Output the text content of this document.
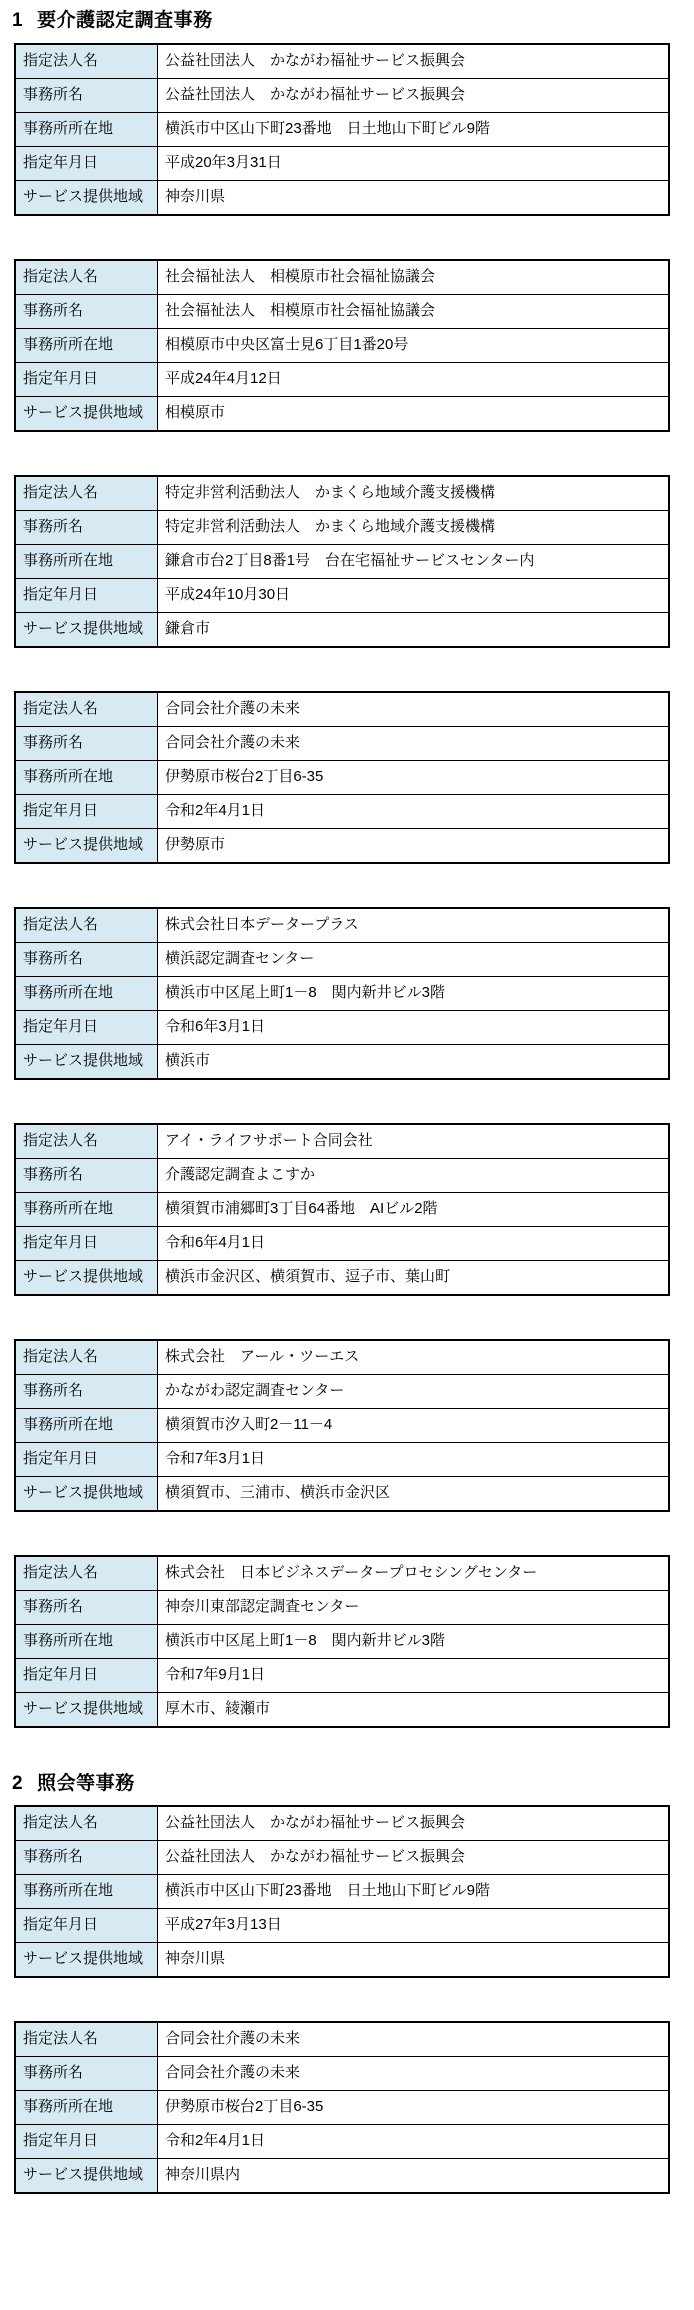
1 要介護認定調査事務
指定法人名	公益社団法人　かながわ福祉サービス振興会
事務所名	公益社団法人　かながわ福祉サービス振興会
事務所所在地	横浜市中区山下町23番地　日土地山下町ビル9階
指定年月日	平成20年3月31日
サービス提供地域	神奈川県
指定法人名	社会福祉法人　相模原市社会福祉協議会
事務所名	社会福祉法人　相模原市社会福祉協議会
事務所所在地	相模原市中央区富士見6丁目1番20号
指定年月日	平成24年4月12日
サービス提供地域	相模原市
指定法人名	特定非営利活動法人　かまくら地域介護支援機構
事務所名	特定非営利活動法人　かまくら地域介護支援機構
事務所所在地	鎌倉市台2丁目8番1号　台在宅福祉サービスセンター内
指定年月日	平成24年10月30日
サービス提供地域	鎌倉市
指定法人名	合同会社介護の未来
事務所名	合同会社介護の未来
事務所所在地	伊勢原市桜台2丁目6-35
指定年月日	令和2年4月1日
サービス提供地域	伊勢原市
指定法人名	株式会社日本データープラス
事務所名	横浜認定調査センター
事務所所在地	横浜市中区尾上町1－8　関内新井ビル3階
指定年月日	令和6年3月1日
サービス提供地域	横浜市
指定法人名	アイ・ライフサポート合同会社
事務所名	介護認定調査よこすか
事務所所在地	横須賀市浦郷町3丁目64番地　AIビル2階
指定年月日	令和6年4月1日
サービス提供地域	横浜市金沢区、横須賀市、逗子市、葉山町
指定法人名	株式会社　アール・ツーエス
事務所名	かながわ認定調査センター
事務所所在地	横須賀市汐入町2－11－4
指定年月日	令和7年3月1日
サービス提供地域	横須賀市、三浦市、横浜市金沢区
指定法人名	株式会社　日本ビジネスデータープロセシングセンター
事務所名	神奈川東部認定調査センター
事務所所在地	横浜市中区尾上町1－8　関内新井ビル3階
指定年月日	令和7年9月1日
サービス提供地域	厚木市、綾瀬市
2 照会等事務
指定法人名	公益社団法人　かながわ福祉サービス振興会
事務所名	公益社団法人　かながわ福祉サービス振興会
事務所所在地	横浜市中区山下町23番地　日土地山下町ビル9階
指定年月日	平成27年3月13日
サービス提供地域	神奈川県
指定法人名	合同会社介護の未来
事務所名	合同会社介護の未来
事務所所在地	伊勢原市桜台2丁目6-35
指定年月日	令和2年4月1日
サービス提供地域	神奈川県内
